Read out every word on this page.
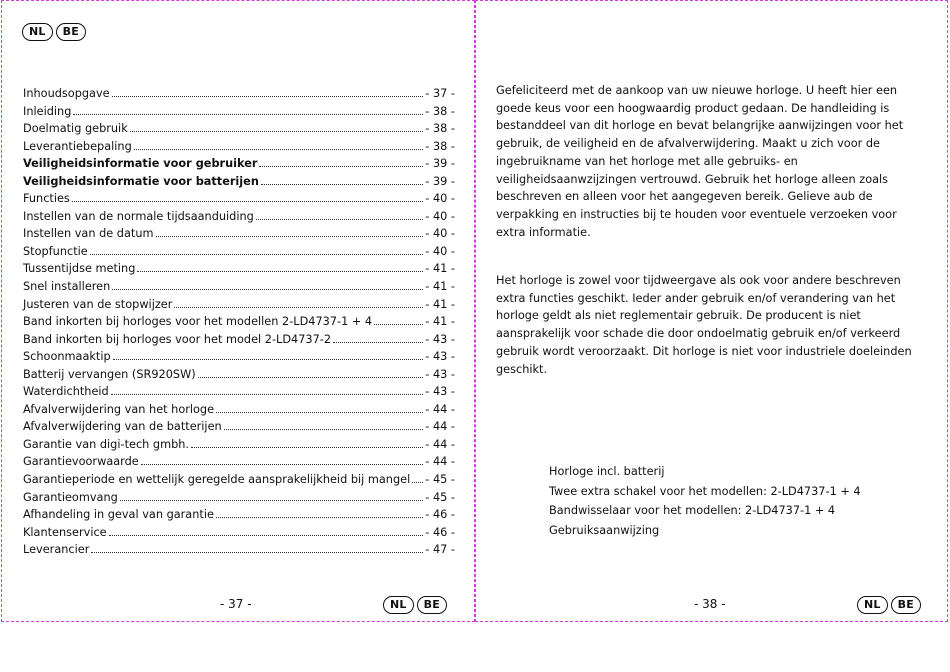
NL	BE
Inhoudsopgave	- 37 -
Inleiding	- 38 -
Doelmatig gebruik	- 38 -
Leverantiebepaling	- 38 -
Veiligheidsinformatie voor gebruiker	- 39 -
Veiligheidsinformatie voor batterijen	- 39 -
Functies	- 40 -
Instellen van de normale tijdsaanduiding	- 40 -
Instellen van de datum	- 40 -
Stopfunctie	- 40 -
Tussentijdse meting	- 41 -
Snel installeren	- 41 -
Justeren van de stopwijzer	- 41 -
Band inkorten bij horloges voor het modellen 2-LD4737-1 + 4	- 41 -
Band inkorten bij horloges voor het model 2-LD4737-2	- 43 -
Schoonmaaktip	- 43 -
Batterij vervangen (SR920SW)	- 43 -
Waterdichtheid	- 43 -
Afvalverwijdering van het horloge	- 44 -
Afvalverwijdering van de batterijen	- 44 -
Garantie van digi-tech gmbh.	- 44 -
Garantievoorwaarde	- 44 -
Garantieperiode en wettelijk geregelde aansprakelijkheid bij mangel - 45 -
Garantieomvang	- 45 -
Afhandeling in geval van garantie	- 46 -
Klantenservice	- 46 -
Leverancier	- 47 -
- 37 -	NL	BE
Gefeliciteerd met de aankoop van uw nieuwe horloge. U heeft hier een goede keus voor een hoogwaardig product gedaan. De handleiding is bestanddeel van dit horloge en bevat belangrijke aanwijzingen voor het gebruik, de veiligheid en de afvalverwijdering. Maakt u zich voor de ingebruikname van het horloge met alle gebruiks- en veiligheidsaanwzijzingen vertrouwd. Gebruik het horloge alleen zoals beschreven en alleen voor het aangegeven bereik. Gelieve aub de verpakking en instructies bij te houden voor eventuele verzoeken voor extra informatie.
Het horloge is zowel voor tijdweergave als ook voor andere beschreven extra functies geschikt. Ieder ander gebruik en/of verandering van het horloge geldt als niet reglementair gebruik. De producent is niet aansprakelijk voor schade die door ondoelmatig gebruik en/of verkeerd gebruik wordt veroorzaakt. Dit horloge is niet voor industriele doeleinden geschikt.
Horloge incl. batterij
Twee extra schakel voor het modellen: 2-LD4737-1 + 4
Bandwisselaar voor het modellen: 2-LD4737-1 + 4
Gebruiksaanwijzing
- 38 -	NL	BE
